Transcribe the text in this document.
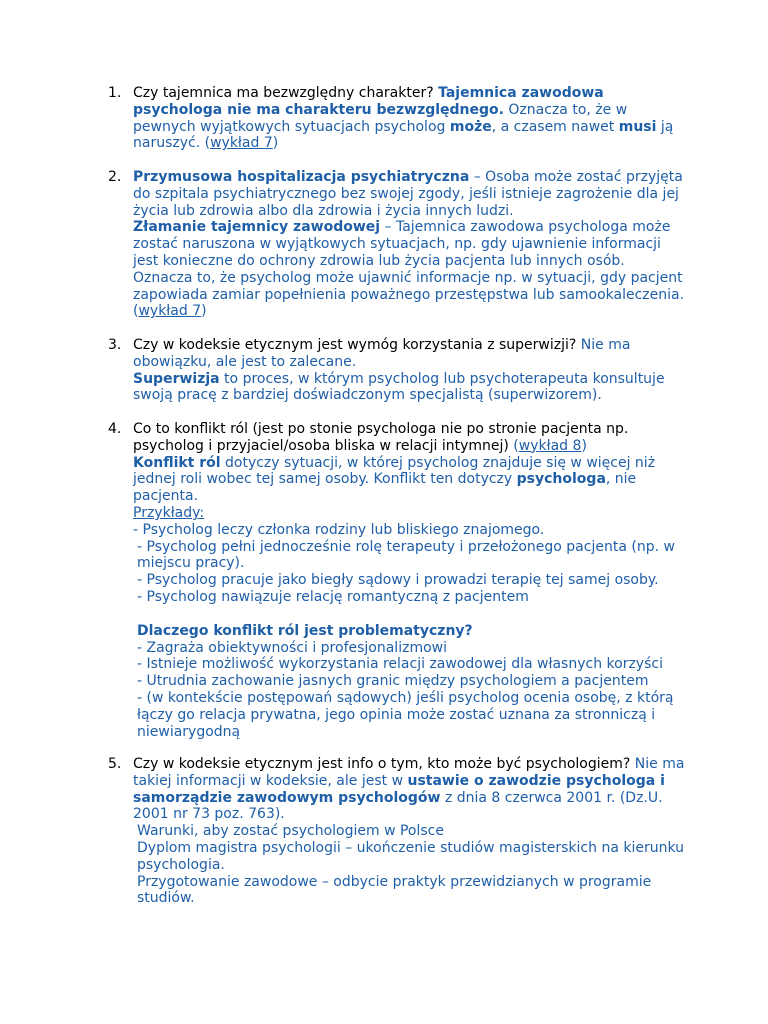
1. Czy tajemnica ma bezwzględny charakter? Tajemnica zawodowa psychologa nie ma charakteru bezwzględnego. Oznacza to, że w pewnych wyjątkowych sytuacjach psycholog może, a czasem nawet musi ją naruszyć. (wykład 7)
2. Przymusowa hospitalizacja psychiatryczna – Osoba może zostać przyjęta do szpitala psychiatrycznego bez swojej zgody, jeśli istnieje zagrożenie dla jej życia lub zdrowia albo dla zdrowia i życia innych ludzi.
Złamanie tajemnicy zawodowej – Tajemnica zawodowa psychologa może zostać naruszona w wyjątkowych sytuacjach, np. gdy ujawnienie informacji jest konieczne do ochrony zdrowia lub życia pacjenta lub innych osób. Oznacza to, że psycholog może ujawnić informacje np. w sytuacji, gdy pacjent zapowiada zamiar popełnienia poważnego przestępstwa lub samookaleczenia. (wykład 7)
3. Czy w kodeksie etycznym jest wymóg korzystania z superwizji? Nie ma obowiązku, ale jest to zalecane.
Superwizja to proces, w którym psycholog lub psychoterapeuta konsultuje swoją pracę z bardziej doświadczonym specjalistą (superwizorem).
4. Co to konflikt ról (jest po stonie psychologa nie po stronie pacjenta np. psycholog i przyjaciel/osoba bliska w relacji intymnej) (wykład 8)
Konflikt ról dotyczy sytuacji, w której psycholog znajduje się w więcej niż jednej roli wobec tej samej osoby. Konflikt ten dotyczy psychologa, nie pacjenta.
Przykłady:
- Psycholog leczy członka rodziny lub bliskiego znajomego.
- Psycholog pełni jednocześnie rolę terapeuty i przełożonego pacjenta (np. w miejscu pracy).
- Psycholog pracuje jako biegły sądowy i prowadzi terapię tej samej osoby.
- Psycholog nawiązuje relację romantyczną z pacjentem
Dlaczego konflikt ról jest problematyczny?
- Zagraża obiektywności i profesjonalizmowi
- Istnieje możliwość wykorzystania relacji zawodowej dla własnych korzyści
- Utrudnia zachowanie jasnych granic między psychologiem a pacjentem
- (w kontekście postępowań sądowych) jeśli psycholog ocenia osobę, z którą łączy go relacja prywatna, jego opinia może zostać uznana za stronniczą i niewiarygodną
5. Czy w kodeksie etycznym jest info o tym, kto może być psychologiem? Nie ma takiej informacji w kodeksie, ale jest w ustawie o zawodzie psychologa i samorządzie zawodowym psychologów z dnia 8 czerwca 2001 r. (Dz.U. 2001 nr 73 poz. 763).
Warunki, aby zostać psychologiem w Polsce
Dyplom magistra psychologii – ukończenie studiów magisterskich na kierunku psychologia.
Przygotowanie zawodowe – odbycie praktyk przewidzianych w programie studiów.
